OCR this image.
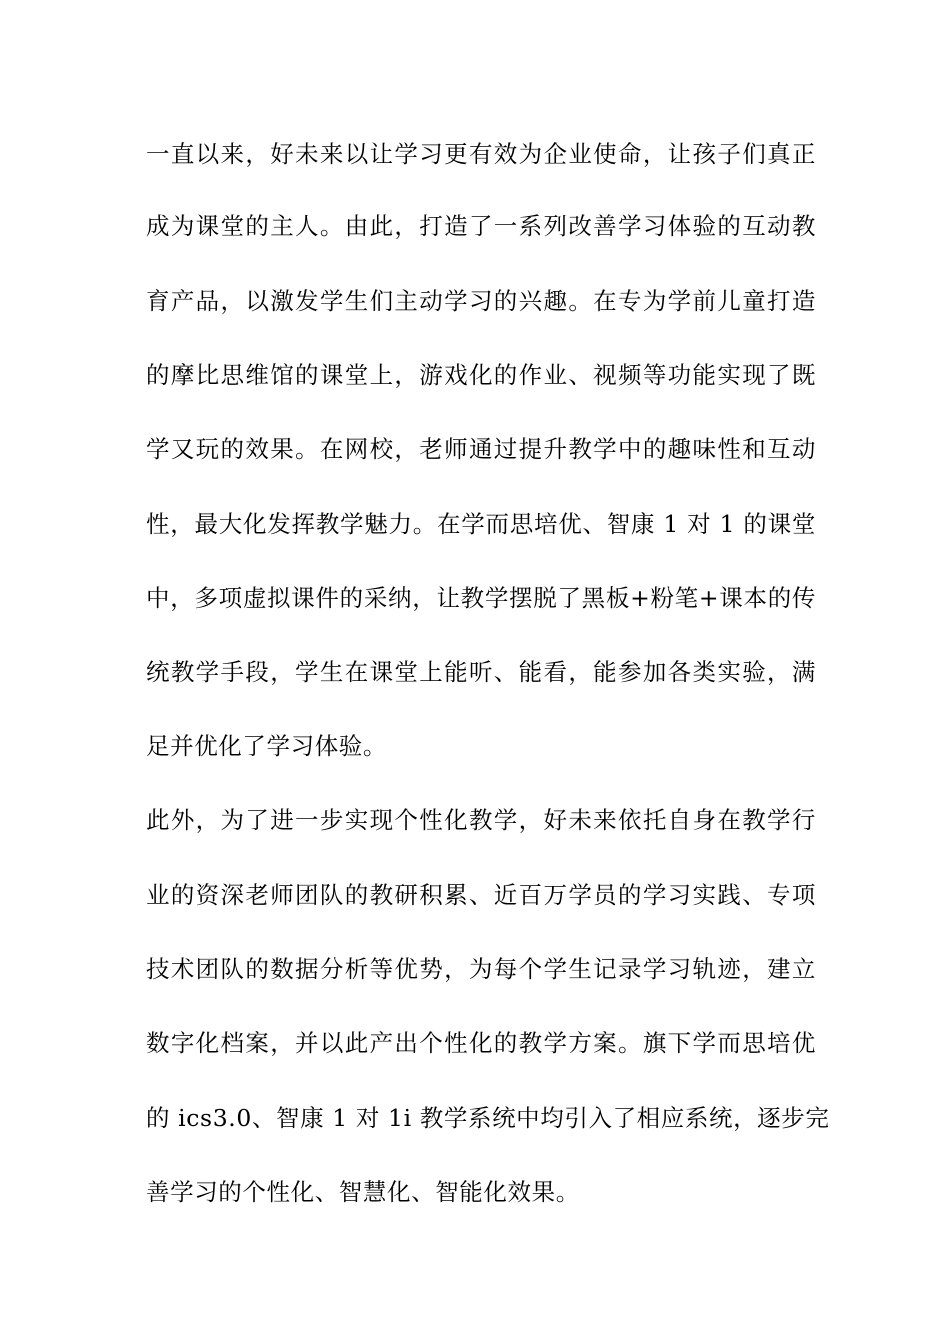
一直以来，好未来以让学习更有效为企业使命，让孩子们真正
成为课堂的主人。由此，打造了一系列改善学习体验的互动教
育产品，以激发学生们主动学习的兴趣。在专为学前儿童打造
的摩比思维馆的课堂上，游戏化的作业、视频等功能实现了既
学又玩的效果。在网校，老师通过提升教学中的趣味性和互动
性，最大化发挥教学魅力。在学而思培优、智康 1 对 1 的课堂
中，多项虚拟课件的采纳，让教学摆脱了黑板+粉笔+课本的传
统教学手段，学生在课堂上能听、能看，能参加各类实验，满
足并优化了学习体验。
此外，为了进一步实现个性化教学，好未来依托自身在教学行
业的资深老师团队的教研积累、近百万学员的学习实践、专项
技术团队的数据分析等优势，为每个学生记录学习轨迹，建立
数字化档案，并以此产出个性化的教学方案。旗下学而思培优
的 ics3.0、智康 1 对 1i 教学系统中均引入了相应系统，逐步完
善学习的个性化、智慧化、智能化效果。
